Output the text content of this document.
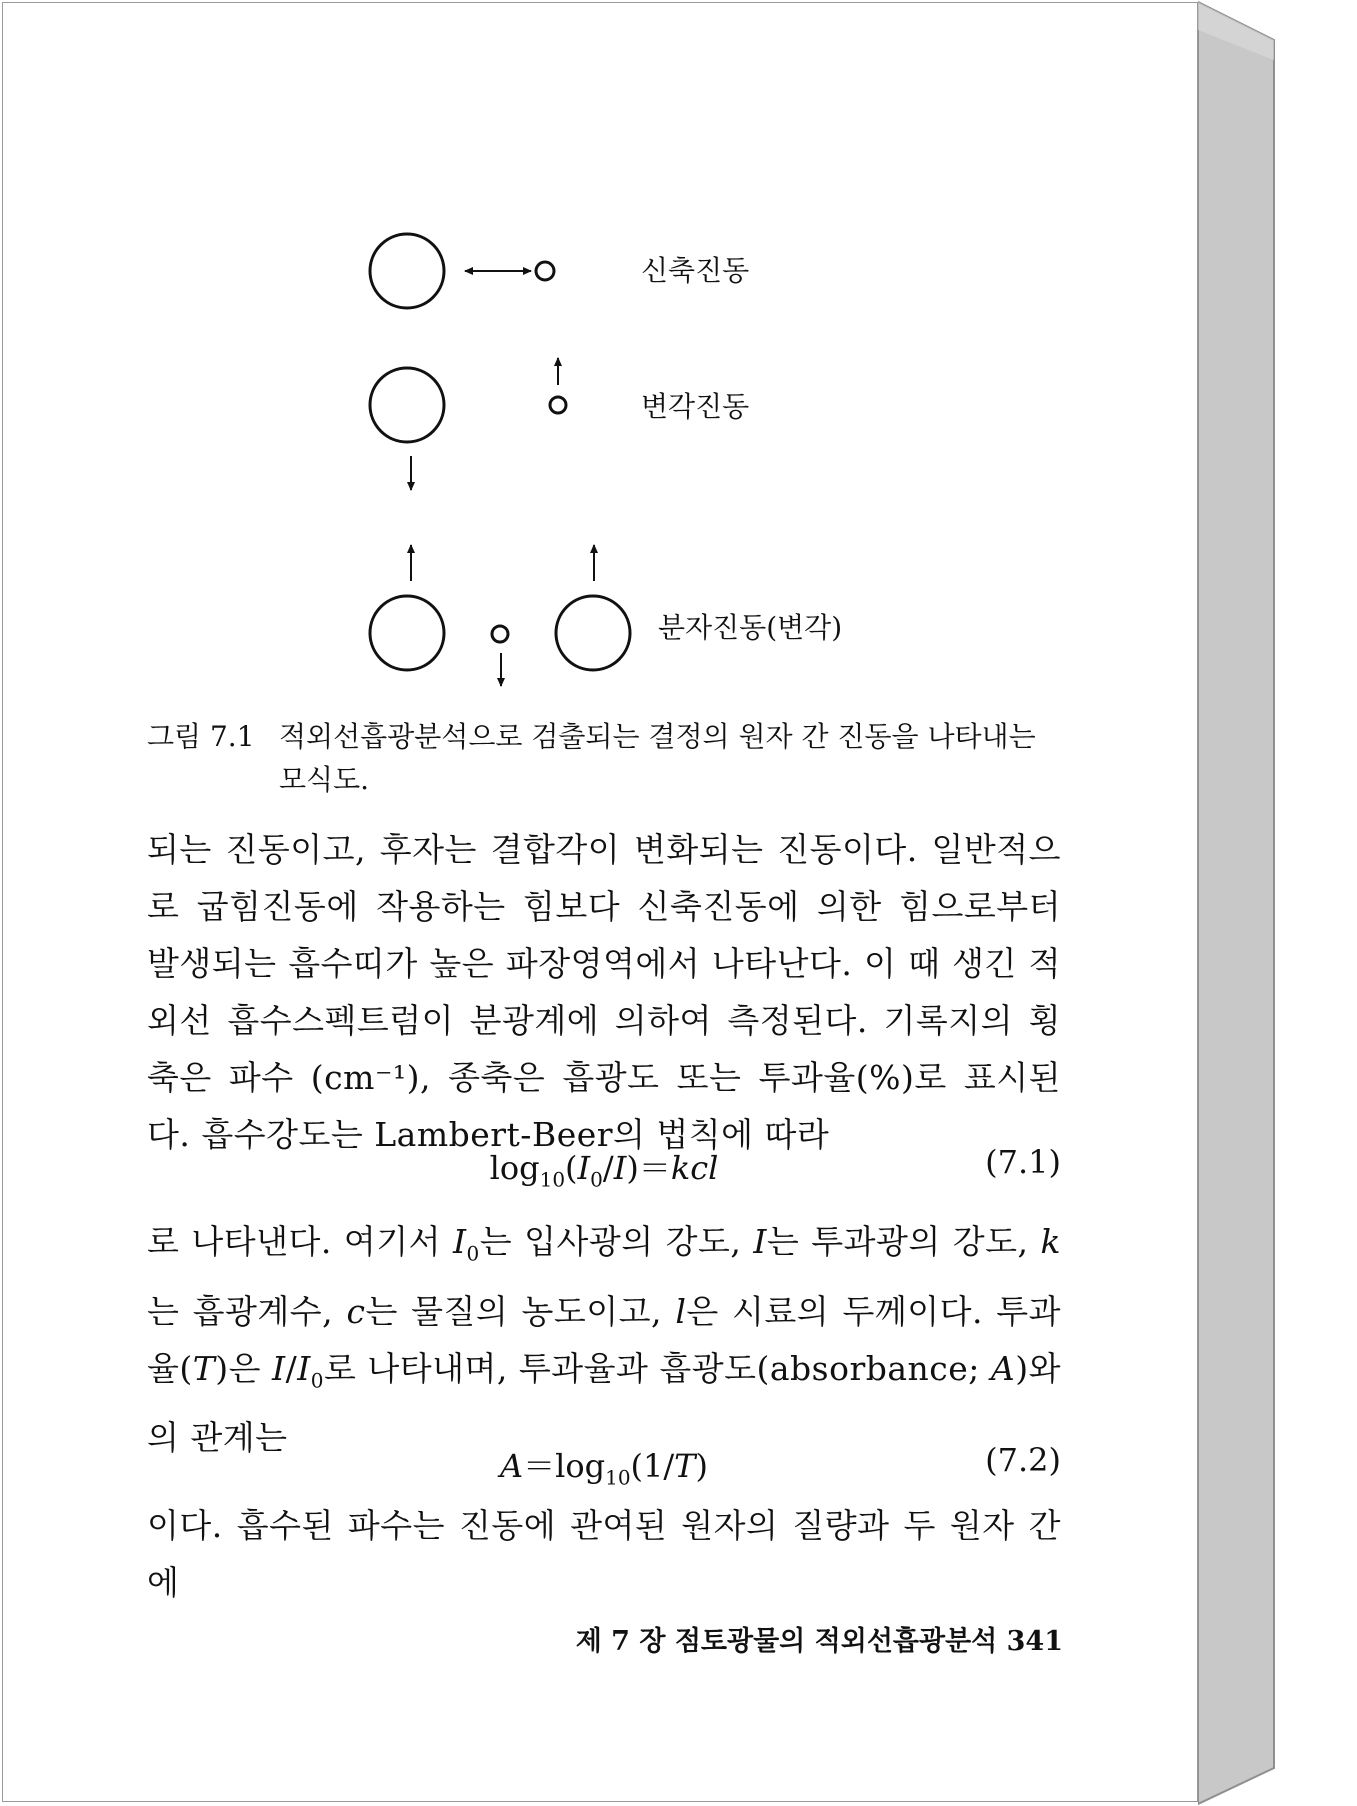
신축진동
변각진동
분자진동(변각)
그림 7.1 적외선흡광분석으로 검출되는 결정의 원자 간 진동을 나타내는 모식도.

되는 진동이고, 후자는 결합각이 변화되는 진동이다. 일반적으로 굽힘진동에 작용하는 힘보다 신축진동에 의한 힘으로부터 발생되는 흡수띠가 높은 파장영역에서 나타난다. 이 때 생긴 적외선 흡수스펙트럼이 분광계에 의하여 측정된다. 기록지의 횡축은 파수 (cm⁻¹), 종축은 흡광도 또는 투과율(%)로 표시된다. 흡수강도는 Lambert-Beer의 법칙에 따라

$\log_{10}(I_0/I)=kcl$	(7.1)

로 나타낸다. 여기서 $I_0$는 입사광의 강도, I는 투과광의 강도, k는 흡광계수, c는 물질의 농도이고, l은 시료의 두께이다. 투과율(T)은 $I/I_0$로 나타내며, 투과율과 흡광도(absorbance; A)와의 관계는

$A=\log_{10}(1/T)$	(7.2)

이다. 흡수된 파수는 진동에 관여된 원자의 질량과 두 원자 간에

제 7 장 점토광물의 적외선흡광분석 341
